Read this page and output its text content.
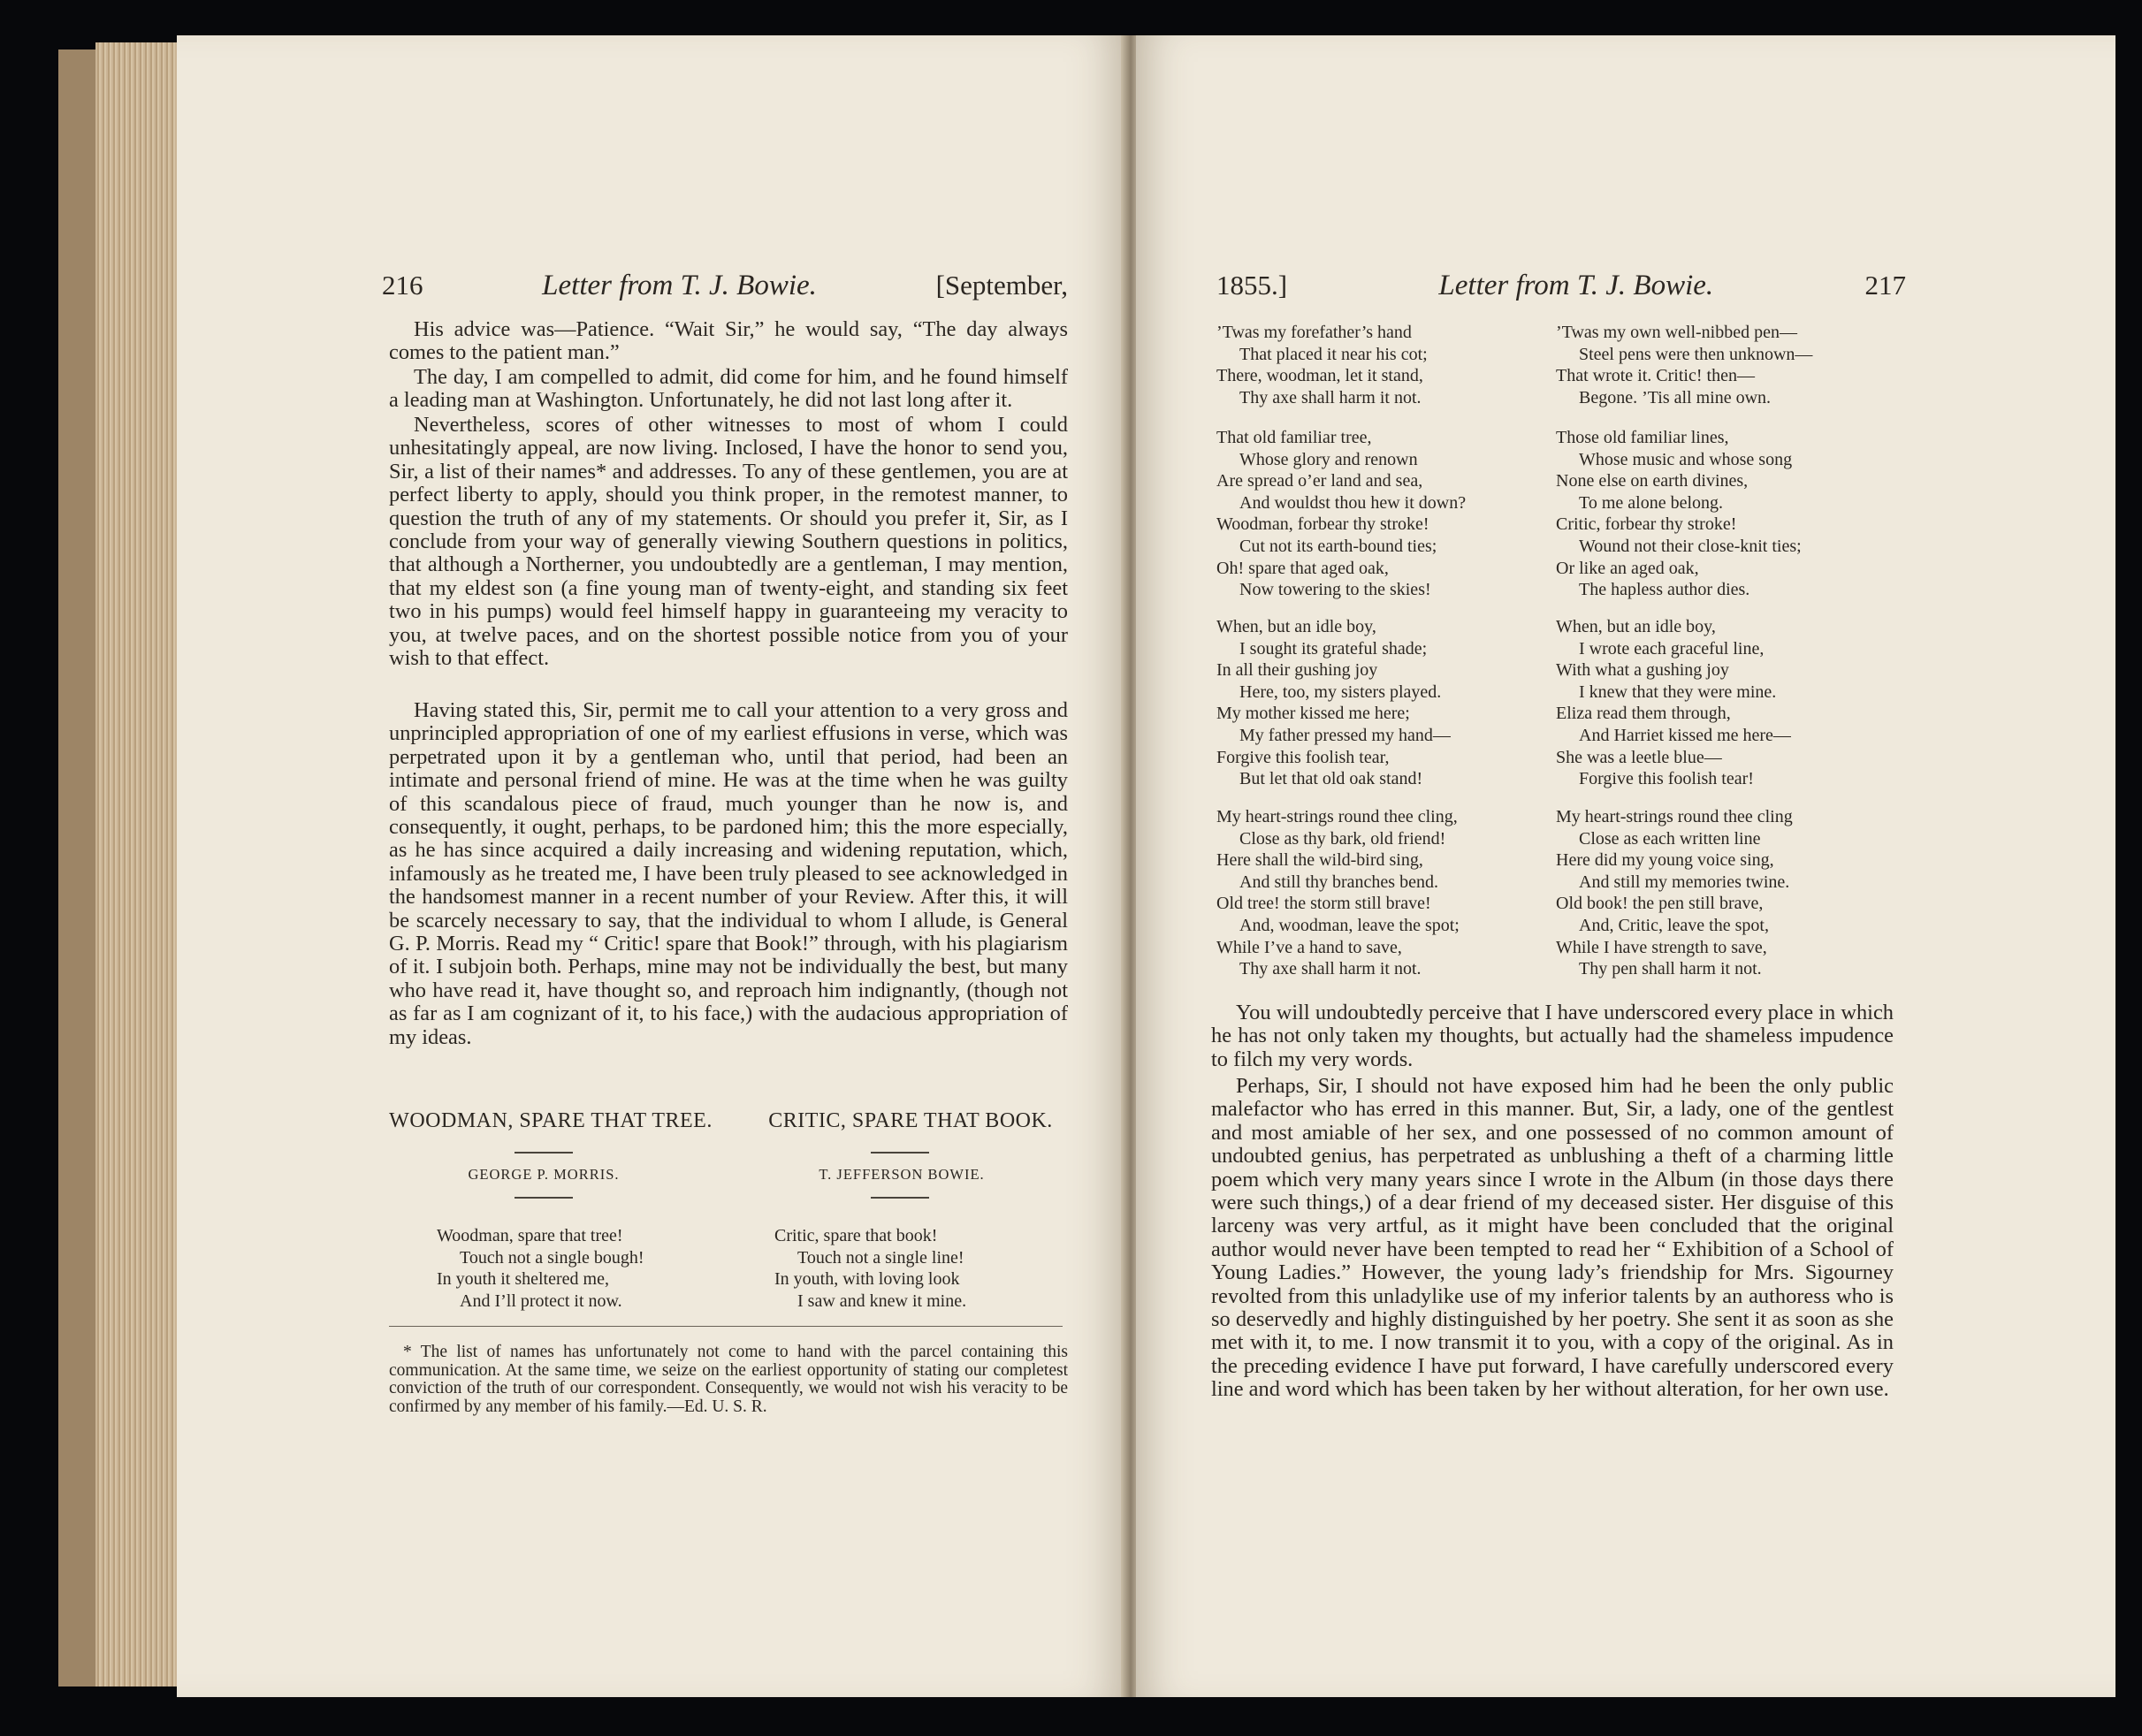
216	Letter from T. J. Bowie.	[September,

His advice was—Patience. “Wait Sir,” he would say, “The day always comes to the patient man.”

The day, I am compelled to admit, did come for him, and he found himself a leading man at Washington. Unfortunately, he did not last long after it.

Nevertheless, scores of other witnesses to most of whom I could unhesitatingly appeal, are now living. Inclosed, I have the honor to send you, Sir, a list of their names* and addresses. To any of these gentlemen, you are at perfect liberty to apply, should you think proper, in the remotest manner, to question the truth of any of my statements. Or should you prefer it, Sir, as I conclude from your way of generally viewing Southern questions in politics, that although a Northerner, you undoubtedly are a gentleman, I may mention, that my eldest son (a fine young man of twenty-eight, and standing six feet two in his pumps) would feel himself happy in guaranteeing my veracity to you, at twelve paces, and on the shortest possible notice from you of your wish to that effect.

Having stated this, Sir, permit me to call your attention to a very gross and unprincipled appropriation of one of my earliest effusions in verse, which was perpetrated upon it by a gentleman who, until that period, had been an intimate and personal friend of mine. He was at the time when he was guilty of this scandalous piece of fraud, much younger than he now is, and consequently, it ought, perhaps, to be pardoned him; this the more especially, as he has since acquired a daily increasing and widening reputation, which, infamously as he treated me, I have been truly pleased to see acknowledged in the handsomest manner in a recent number of your Review. After this, it will be scarcely necessary to say, that the individual to whom I allude, is General G. P. Morris. Read my “ Critic! spare that Book!” through, with his plagiarism of it. I subjoin both. Perhaps, mine may not be individually the best, but many who have read it, have thought so, and reproach him indignantly, (though not as far as I am cognizant of it, to his face,) with the audacious appropriation of my ideas.

WOODMAN, SPARE THAT TREE.	CRITIC, SPARE THAT BOOK.
GEORGE P. MORRIS.	T. JEFFERSON BOWIE.
Woodman, spare that tree!
Touch not a single bough!
In youth it sheltered me,
And I’ll protect it now.
Critic, spare that book!
Touch not a single line!
In youth, with loving look
I saw and knew it mine.

* The list of names has unfortunately not come to hand with the parcel containing this communication. At the same time, we seize on the earliest opportunity of stating our completest conviction of the truth of our correspondent. Consequently, we would not wish his veracity to be confirmed by any member of his family.—Ed. U. S. R.

1855.]	Letter from T. J. Bowie.	217
’Twas my forefather’s hand
That placed it near his cot;
There, woodman, let it stand,
Thy axe shall harm it not.
That old familiar tree,
Whose glory and renown
Are spread o’er land and sea,
And wouldst thou hew it down?
Woodman, forbear thy stroke!
Cut not its earth-bound ties;
Oh! spare that aged oak,
Now towering to the skies!
When, but an idle boy,
I sought its grateful shade;
In all their gushing joy
Here, too, my sisters played.
My mother kissed me here;
My father pressed my hand—
Forgive this foolish tear,
But let that old oak stand!
My heart-strings round thee cling,
Close as thy bark, old friend!
Here shall the wild-bird sing,
And still thy branches bend.
Old tree! the storm still brave!
And, woodman, leave the spot;
While I’ve a hand to save,
Thy axe shall harm it not.
’Twas my own well-nibbed pen—
Steel pens were then unknown—
That wrote it. Critic! then—
Begone. ’Tis all mine own.
Those old familiar lines,
Whose music and whose song
None else on earth divines,
To me alone belong.
Critic, forbear thy stroke!
Wound not their close-knit ties;
Or like an aged oak,
The hapless author dies.
When, but an idle boy,
I wrote each graceful line,
With what a gushing joy
I knew that they were mine.
Eliza read them through,
And Harriet kissed me here—
She was a leetle blue—
Forgive this foolish tear!
My heart-strings round thee cling
Close as each written line
Here did my young voice sing,
And still my memories twine.
Old book! the pen still brave,
And, Critic, leave the spot,
While I have strength to save,
Thy pen shall harm it not.

You will undoubtedly perceive that I have underscored every place in which he has not only taken my thoughts, but actually had the shameless impudence to filch my very words.

Perhaps, Sir, I should not have exposed him had he been the only public malefactor who has erred in this manner. But, Sir, a lady, one of the gentlest and most amiable of her sex, and one possessed of no common amount of undoubted genius, has perpetrated as unblushing a theft of a charming little poem which very many years since I wrote in the Album (in those days there were such things,) of a dear friend of my deceased sister. Her disguise of this larceny was very artful, as it might have been concluded that the original author would never have been tempted to read her “ Exhibition of a School of Young Ladies.” However, the young lady’s friendship for Mrs. Sigourney revolted from this unladylike use of my inferior talents by an authoress who is so deservedly and highly distinguished by her poetry. She sent it as soon as she met with it, to me. I now transmit it to you, with a copy of the original. As in the preceding evidence I have put forward, I have carefully underscored every line and word which has been taken by her without alteration, for her own use.
